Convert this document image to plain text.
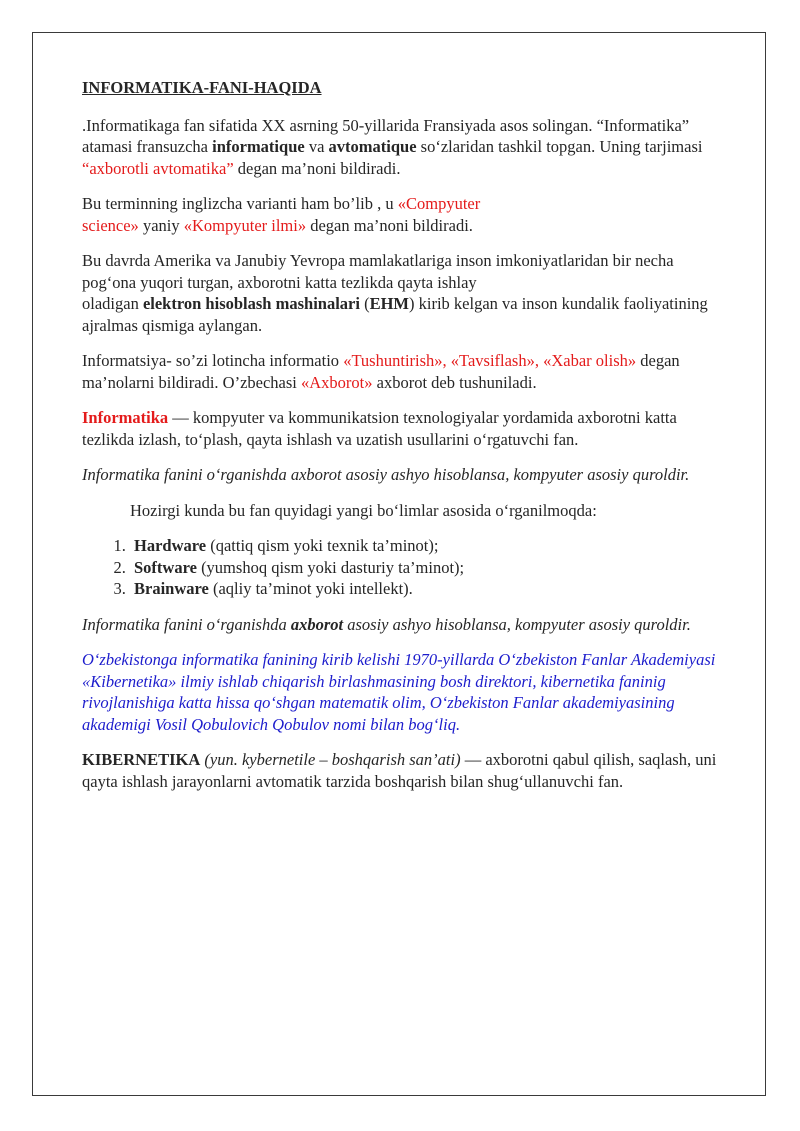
INFORMATIKA-FANI-HAQIDA

.Informatikaga fan sifatida XX asrning 50-yillarida Fransiyada asos solingan. “Informatika” atamasi fransuzcha informatique va avtomatique so‘zlaridan tashkil topgan. Uning tarjimasi “axborotli avtomatika” degan ma’noni bildiradi.

Bu terminning inglizcha varianti ham bo’lib , u «Compyuter
science» yaniy «Kompyuter ilmi» degan ma’noni bildiradi.

Bu davrda Amerika va Janubiy Yevropa mamlakatlariga inson imkoniyatlaridan bir necha pog‘ona yuqori turgan, axborotni katta tezlikda qayta ishlay
oladigan elektron hisoblash mashinalari (EHM) kirib kelgan va inson kundalik faoliyatining ajralmas qismiga aylangan.

Informatsiya- so’zi lotincha informatio «Tushuntirish», «Tavsiflash», «Xabar olish» degan ma’nolarni bildiradi. O’zbechasi «Axborot» axborot deb tushuniladi.

Informatika — kompyuter va kommunikatsion texnologiyalar yordamida axborotni katta tezlikda izlash, to‘plash, qayta ishlash va uzatish usullarini o‘rgatuvchi fan.

Informatika fanini o‘rganishda axborot asosiy ashyo hisoblansa, kompyuter asosiy quroldir.

Hozirgi kunda bu fan quyidagi yangi bo‘limlar asosida o‘rganilmoqda:

1. Hardware (qattiq qism yoki texnik ta’minot);
2. Software (yumshoq qism yoki dasturiy ta’minot);
3. Brainware (aqliy ta’minot yoki intellekt).

Informatika fanini o‘rganishda axborot asosiy ashyo hisoblansa, kompyuter asosiy quroldir.

O‘zbekistonga informatika fanining kirib kelishi 1970-yillarda O‘zbekiston Fanlar Akademiyasi «Kibernetika» ilmiy ishlab chiqarish birlashmasining bosh direktori, kibernetika faninig rivojlanishiga katta hissa qo‘shgan matematik olim, O‘zbekiston Fanlar akademiyasining akademigi Vosil Qobulovich Qobulov nomi bilan bog‘liq.

KIBERNETIKA (yun. kybernetile – boshqarish san’ati) — axborotni qabul qilish, saqlash, uni qayta ishlash jarayonlarni avtomatik tarzida boshqarish bilan shug‘ullanuvchi fan.
